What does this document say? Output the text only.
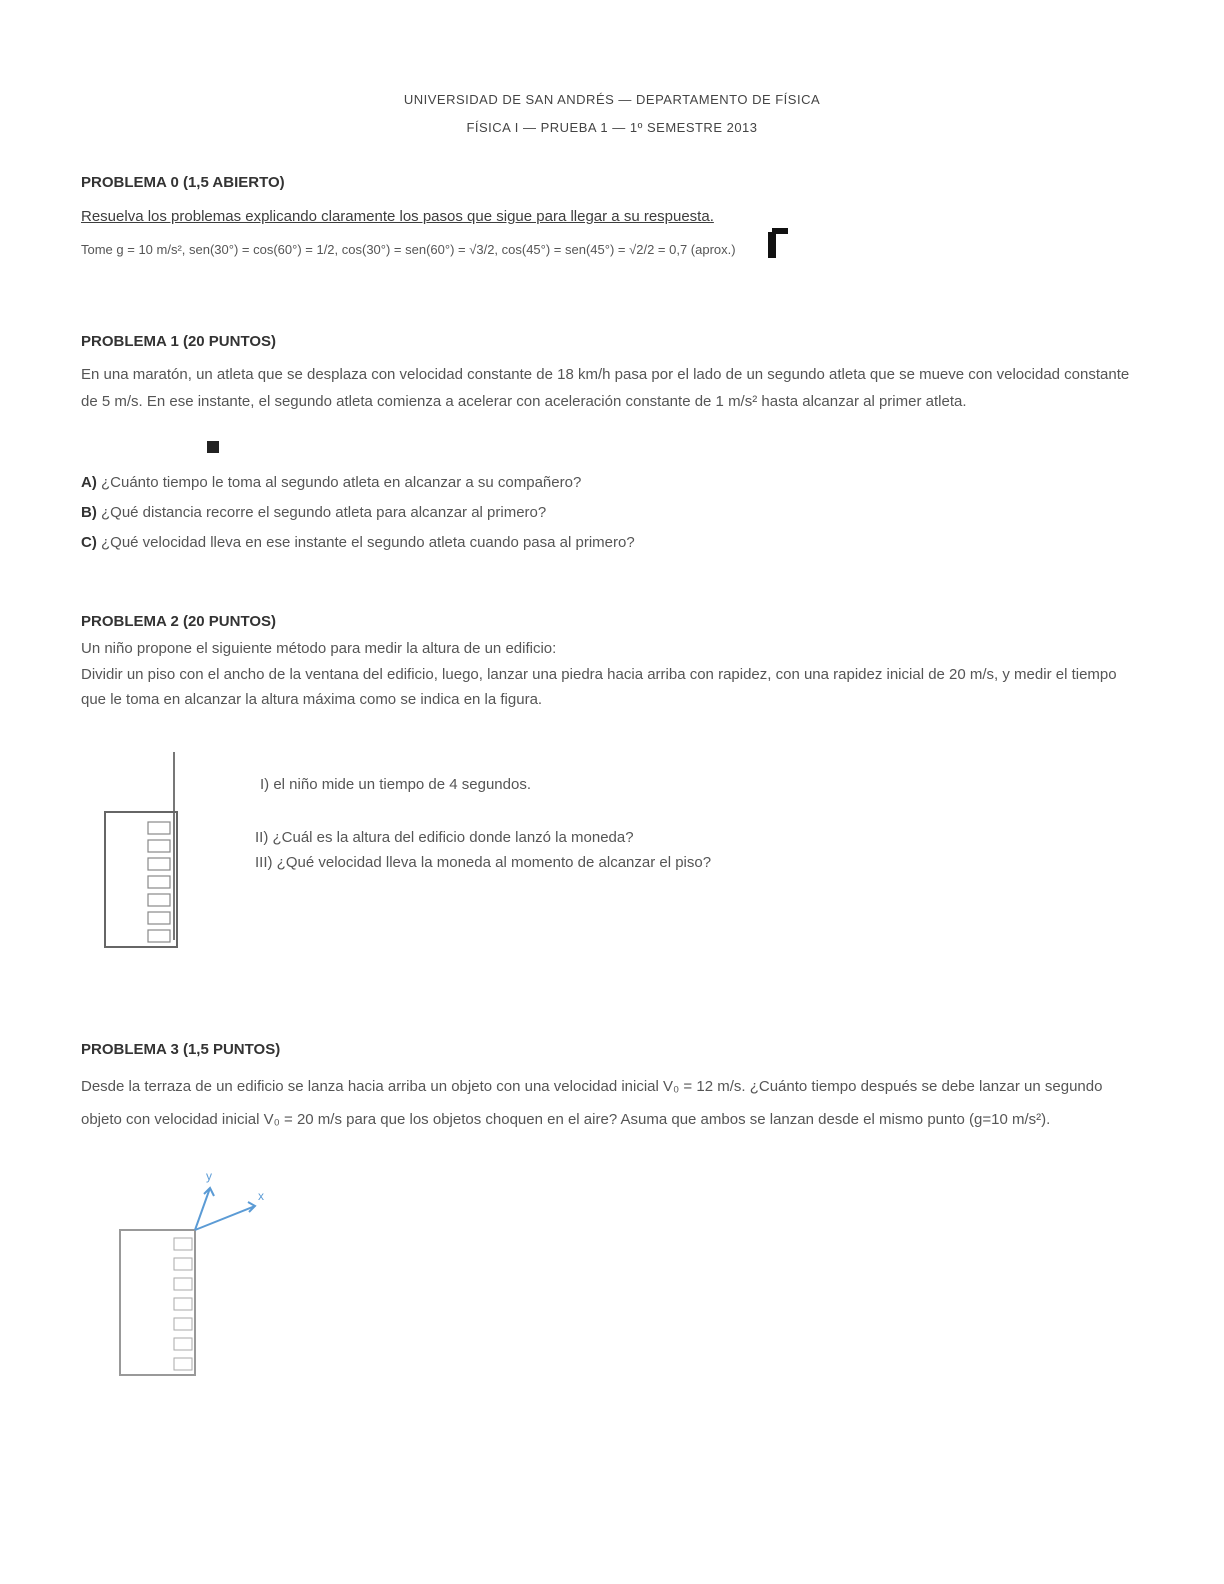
UNIVERSIDAD DE SAN ANDRÉS — DEPARTAMENTO DE FÍSICA
FÍSICA I — PRUEBA 1 — 1º SEMESTRE 2013
PROBLEMA 0 (1,5 ABIERTO)
Resuelva los problemas explicando claramente los pasos que sigue para llegar a su respuesta.
Tome g = 10 m/s², sen(30°) = cos(60°) = 1/2, cos(30°) = sen(60°) = √3/2, cos(45°) = sen(45°) = √2/2 = 0,7 (aprox.)
PROBLEMA 1 (20 PUNTOS)
En una maratón, un atleta que se desplaza con velocidad constante de 18 km/h pasa por el lado de un segundo atleta que se mueve con velocidad constante de 5 m/s. En ese instante, el segundo atleta comienza a acelerar con aceleración constante de 1 m/s² hasta alcanzar al primer atleta.
A) ¿Cuánto tiempo le toma al segundo atleta en alcanzar a su compañero?
B) ¿Qué distancia recorre el segundo atleta para alcanzar al primero?
C) ¿Qué velocidad lleva en ese instante el segundo atleta cuando pasa al primero?
PROBLEMA 2 (20 PUNTOS)
Un niño propone el siguiente método para medir la altura de un edificio:
Dividir un piso con el ancho de la ventana del edificio, luego, lanzar una piedra hacia arriba con rapidez, con una rapidez inicial de 20 m/s, y medir el tiempo que le toma en alcanzar la altura máxima como se indica en la figura.
I) el niño mide un tiempo de 4 segundos.
II) ¿Cuál es la altura del edificio donde lanzó la moneda?
III) ¿Qué velocidad lleva la moneda al momento de alcanzar el piso?
PROBLEMA 3 (1,5 PUNTOS)
Desde la terraza de un edificio se lanza hacia arriba un objeto con una velocidad inicial V₀ = 12 m/s. ¿Cuánto tiempo después se debe lanzar un segundo objeto con velocidad inicial V₀ = 20 m/s para que los objetos choquen en el aire? Asuma que ambos se lanzan desde el mismo punto (g=10 m/s²).
y
x
